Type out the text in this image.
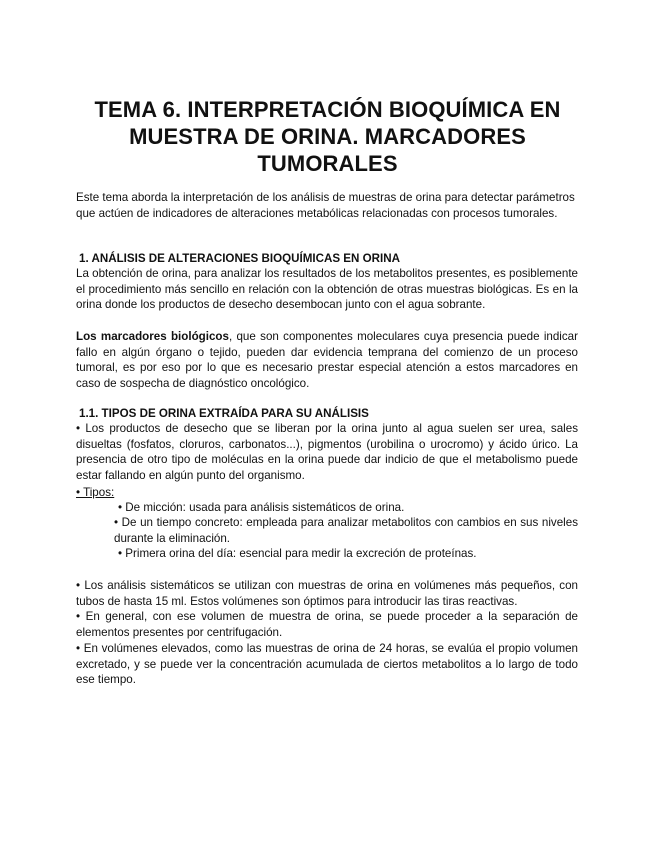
TEMA 6. INTERPRETACIÓN BIOQUÍMICA EN MUESTRA DE ORINA. MARCADORES TUMORALES

Este tema aborda la interpretación de los análisis de muestras de orina para detectar parámetros que actúen de indicadores de alteraciones metabólicas relacionadas con procesos tumorales.

1. ANÁLISIS DE ALTERACIONES BIOQUÍMICAS EN ORINA

La obtención de orina, para analizar los resultados de los metabolitos presentes, es posiblemente el procedimiento más sencillo en relación con la obtención de otras muestras biológicas. Es en la orina donde los productos de desecho desembocan junto con el agua sobrante.

Los marcadores biológicos, que son componentes moleculares cuya presencia puede indicar fallo en algún órgano o tejido, pueden dar evidencia temprana del comienzo de un proceso tumoral, es por eso por lo que es necesario prestar especial atención a estos marcadores en caso de sospecha de diagnóstico oncológico.

1.1. TIPOS DE ORINA EXTRAÍDA PARA SU ANÁLISIS

• Los productos de desecho que se liberan por la orina junto al agua suelen ser urea, sales disueltas (fosfatos, cloruros, carbonatos...), pigmentos (urobilina o urocromo) y ácido úrico. La presencia de otro tipo de moléculas en la orina puede dar indicio de que el metabolismo puede estar fallando en algún punto del organismo.

• Tipos:

• De micción: usada para análisis sistemáticos de orina.

• De un tiempo concreto: empleada para analizar metabolitos con cambios en sus niveles durante la eliminación.

• Primera orina del día: esencial para medir la excreción de proteínas.

• Los análisis sistemáticos se utilizan con muestras de orina en volúmenes más pequeños, con tubos de hasta 15 ml. Estos volúmenes son óptimos para introducir las tiras reactivas.

• En general, con ese volumen de muestra de orina, se puede proceder a la separación de elementos presentes por centrifugación.

• En volúmenes elevados, como las muestras de orina de 24 horas, se evalúa el propio volumen excretado, y se puede ver la concentración acumulada de ciertos metabolitos a lo largo de todo ese tiempo.
